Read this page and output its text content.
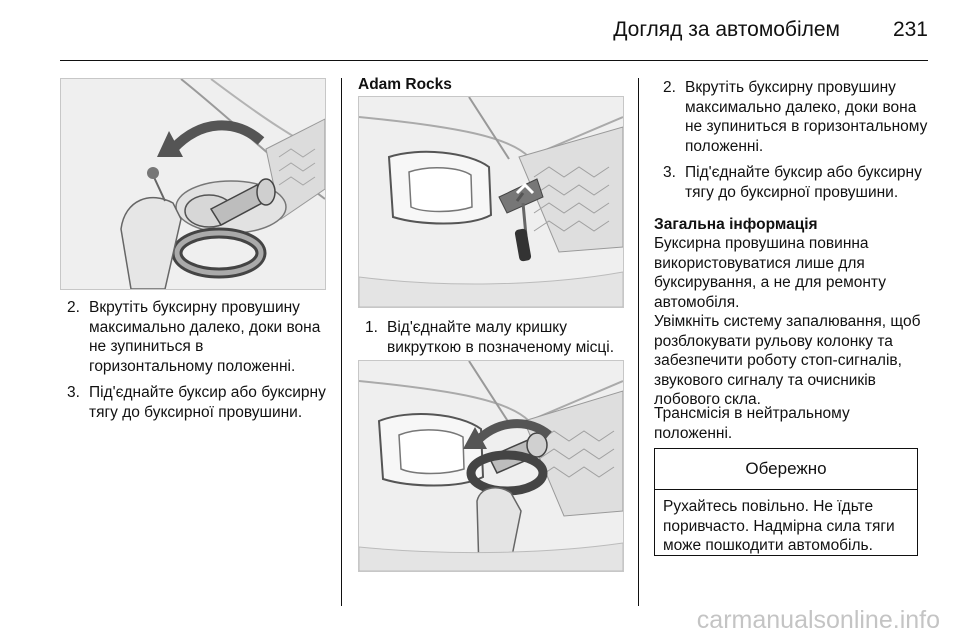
Догляд за автомобілем	231
2. Вкрутіть буксирну провушину максимально далеко, доки вона не зупиниться в горизонтальному положенні.
3. Під'єднайте буксир або буксирну тягу до буксирної провушини.
Adam Rocks
1. Від'єднайте малу кришку викруткою в позначеному місці.
2. Вкрутіть буксирну провушину максимально далеко, доки вона не зупиниться в горизонтальному положенні.
3. Під'єднайте буксир або буксирну тягу до буксирної провушини.
Загальна інформація

Буксирна провушина повинна використовуватися лише для буксирування, а не для ремонту автомобіля.

Увімкніть систему запалювання, щоб розблокувати рульову колонку та забезпечити роботу стоп-сигналів, звукового сигналу та очисників лобового скла.

Трансмісія в нейтральному положенні.

Обережно
Рухайтесь повільно. Не їдьте поривчасто. Надмірна сила тяги може пошкодити автомобіль.
carmanualsonline.info
